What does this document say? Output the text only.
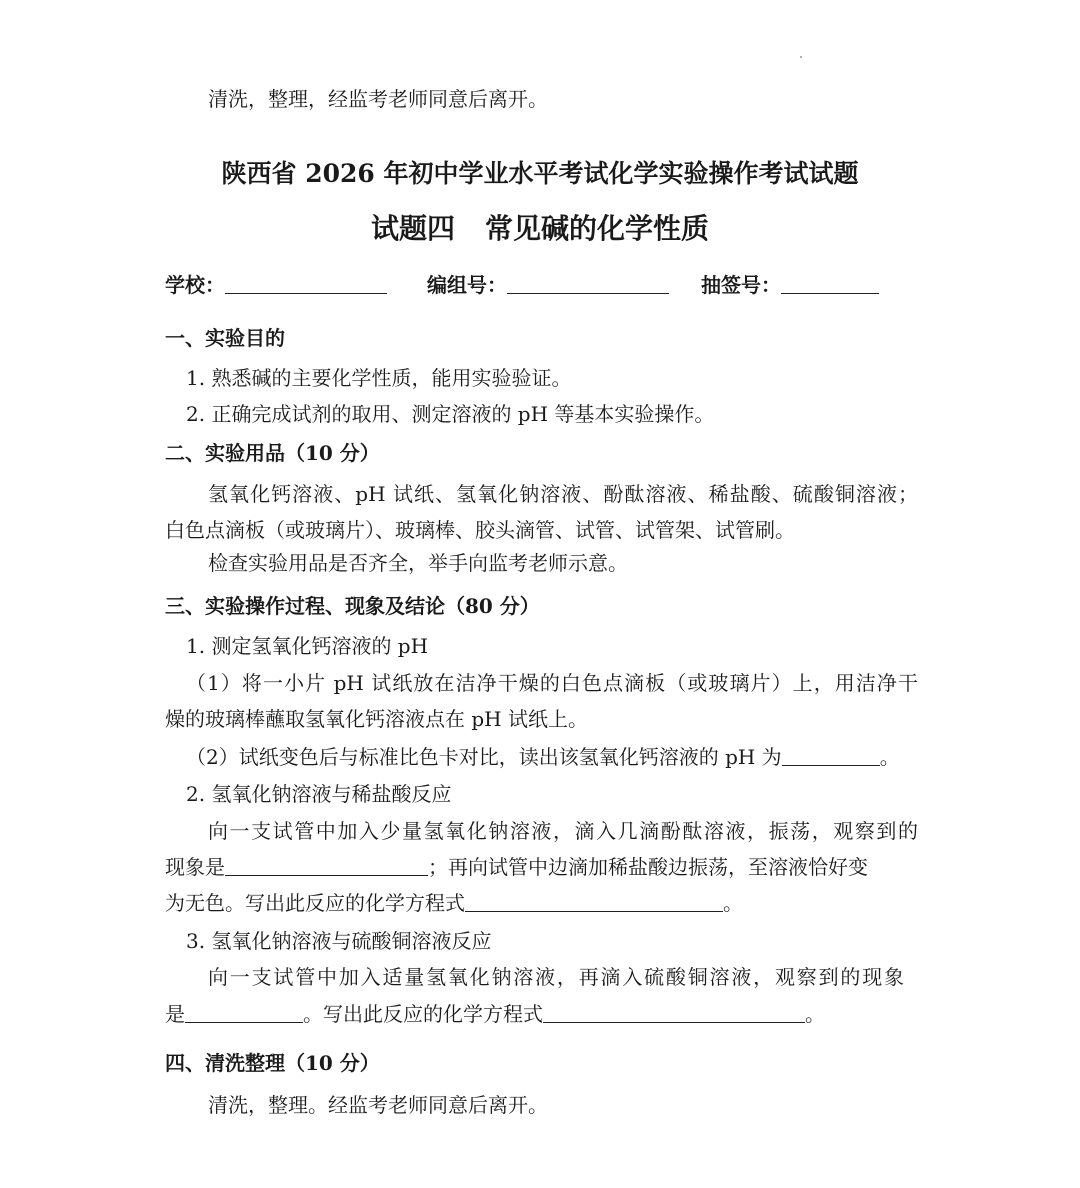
清洗，整理，经监考老师同意后离开。
陕西省 2026 年初中学业水平考试化学实验操作考试试题
试题四 常见碱的化学性质
学校：	编组号：	抽签号：
一、实验目的
1. 熟悉碱的主要化学性质，能用实验验证。
2. 正确完成试剂的取用、测定溶液的 pH 等基本实验操作。
二、实验用品（10 分）
氢氧化钙溶液、pH 试纸、氢氧化钠溶液、酚酞溶液、稀盐酸、硫酸铜溶液；
白色点滴板（或玻璃片）、玻璃棒、胶头滴管、试管、试管架、试管刷。
检查实验用品是否齐全，举手向监考老师示意。
三、实验操作过程、现象及结论（80 分）
1. 测定氢氧化钙溶液的 pH
（1）将一小片 pH 试纸放在洁净干燥的白色点滴板（或玻璃片）上，用洁净干
燥的玻璃棒蘸取氢氧化钙溶液点在 pH 试纸上。
（2）试纸变色后与标准比色卡对比，读出该氢氧化钙溶液的 pH 为	。
2. 氢氧化钠溶液与稀盐酸反应
向一支试管中加入少量氢氧化钠溶液，滴入几滴酚酞溶液，振荡，观察到的
现象是	；再向试管中边滴加稀盐酸边振荡，至溶液恰好变
为无色。写出此反应的化学方程式	。
3. 氢氧化钠溶液与硫酸铜溶液反应
向一支试管中加入适量氢氧化钠溶液，再滴入硫酸铜溶液，观察到的现象
是	。写出此反应的化学方程式	。
四、清洗整理（10 分）
清洗，整理。经监考老师同意后离开。
